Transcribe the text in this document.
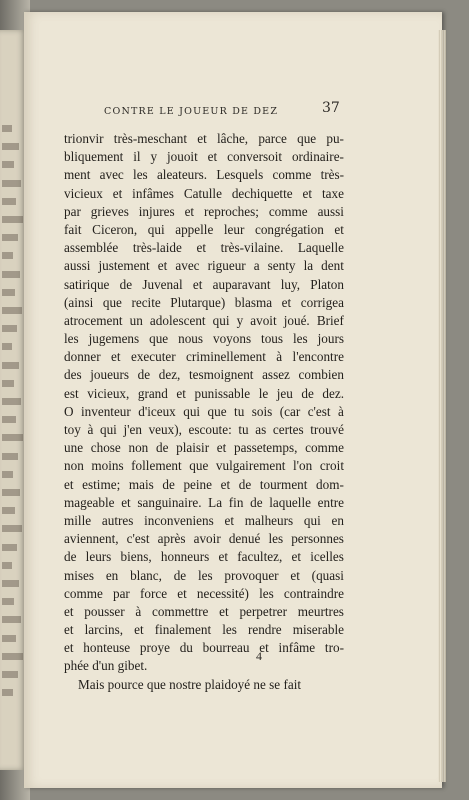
CONTRE LE JOUEUR DE DEZ	37
trionvir très-meschant et lâche, parce que pu-
bliquement il y jouoit et conversoit ordinaire-
ment avec les aleateurs. Lesquels comme très-
vicieux et infâmes Catulle dechiquette et taxe
par grieves injures et reproches; comme aussi
fait Ciceron, qui appelle leur congrégation et
assemblée très-laide et très-vilaine. Laquelle
aussi justement et avec rigueur a senty la dent
satirique de Juvenal et auparavant luy, Platon
(ainsi que recite Plutarque) blasma et corrigea
atrocement un adolescent qui y avoit joué. Brief
les jugemens que nous voyons tous les jours
donner et executer criminellement à l'encontre
des joueurs de dez, tesmoignent assez combien
est vicieux, grand et punissable le jeu de dez.
O inventeur d'iceux qui que tu sois (car c'est à
toy à qui j'en veux), escoute: tu as certes trouvé
une chose non de plaisir et passetemps, comme
non moins follement que vulgairement l'on croit
et estime; mais de peine et de tourment dom-
mageable et sanguinaire. La fin de laquelle entre
mille autres inconveniens et malheurs qui en
aviennent, c'est après avoir denué les personnes
de leurs biens, honneurs et facultez, et icelles
mises en blanc, de les provoquer et (quasi
comme par force et necessité) les contraindre
et pousser à commettre et perpetrer meurtres
et larcins, et finalement les rendre miserable
et honteuse proye du bourreau et infâme tro-
phée d'un gibet.
Mais pource que nostre plaidoyé ne se fait
4
